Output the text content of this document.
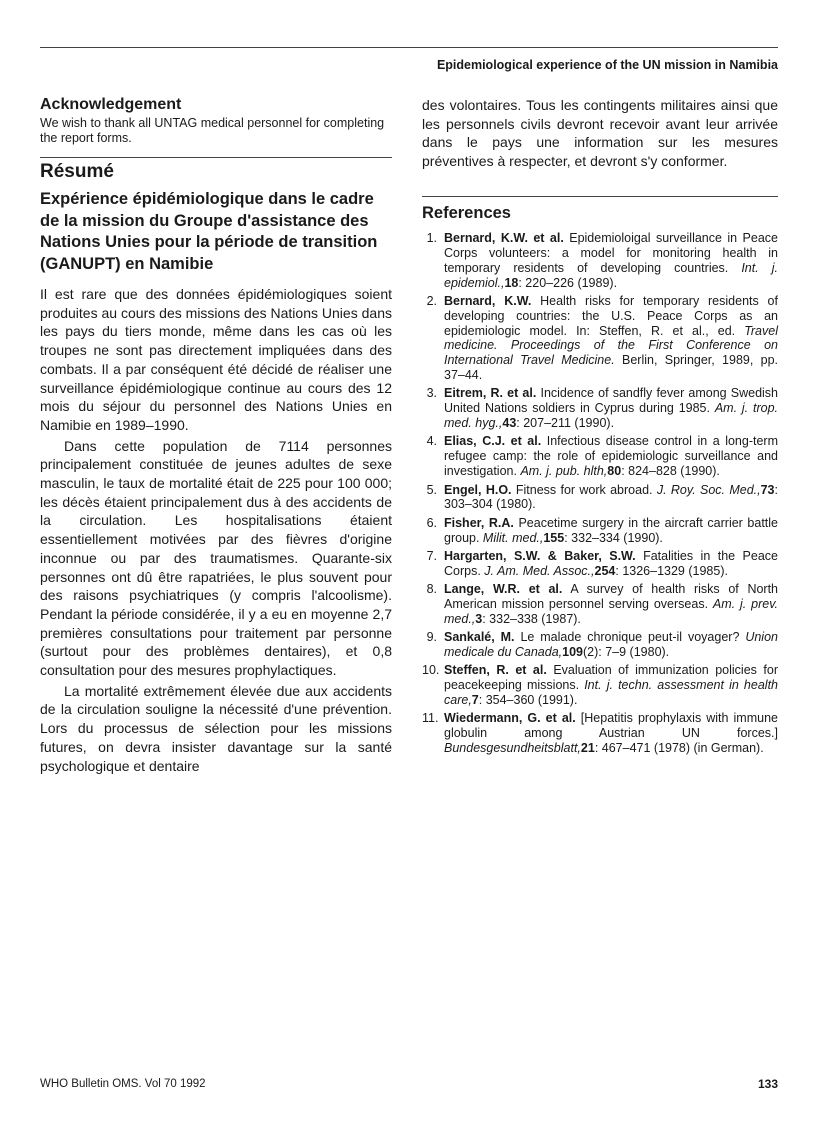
Epidemiological experience of the UN mission in Namibia
Acknowledgement

We wish to thank all UNTAG medical personnel for completing the report forms.

Résumé

Expérience épidémiologique dans le cadre de la mission du Groupe d'assistance des Nations Unies pour la période de transition (GANUPT) en Namibie

Il est rare que des données épidémiologiques soient produites au cours des missions des Nations Unies dans les pays du tiers monde, même dans les cas où les troupes ne sont pas directement impliquées dans des combats. Il a par conséquent été décidé de réaliser une surveillance épidémiologique continue au cours des 12 mois du séjour du personnel des Nations Unies en Namibie en 1989–1990.

Dans cette population de 7114 personnes principalement constituée de jeunes adultes de sexe masculin, le taux de mortalité était de 225 pour 100 000; les décès étaient principalement dus à des accidents de la circulation. Les hospitalisations étaient essentiellement motivées par des fièvres d'origine inconnue ou par des traumatismes. Quarante-six personnes ont dû être rapatriées, le plus souvent pour des raisons psychiatriques (y compris l'alcoolisme). Pendant la période considérée, il y a eu en moyenne 2,7 premières consultations pour traitement par personne (surtout pour des problèmes dentaires), et 0,8 consultation pour des mesures prophylactiques.

La mortalité extrêmement élevée due aux accidents de la circulation souligne la nécessité d'une prévention. Lors du processus de sélection pour les missions futures, on devra insister davantage sur la santé psychologique et dentaire

des volontaires. Tous les contingents militaires ainsi que les personnels civils devront recevoir avant leur arrivée dans le pays une information sur les mesures préventives à respecter, et devront s'y conformer.

References
1. Bernard, K.W. et al. Epidemioloigal surveillance in Peace Corps volunteers: a model for monitoring health in temporary residents of developing countries. Int. j. epidemiol.,18: 220–226 (1989).
2. Bernard, K.W. Health risks for temporary residents of developing countries: the U.S. Peace Corps as an epidemiologic model. In: Steffen, R. et al., ed. Travel medicine. Proceedings of the First Conference on International Travel Medicine. Berlin, Springer, 1989, pp. 37–44.
3. Eitrem, R. et al. Incidence of sandfly fever among Swedish United Nations soldiers in Cyprus during 1985. Am. j. trop. med. hyg.,43: 207–211 (1990).
4. Elias, C.J. et al. Infectious disease control in a long-term refugee camp: the role of epidemiologic surveillance and investigation. Am. j. pub. hlth,80: 824–828 (1990).
5. Engel, H.O. Fitness for work abroad. J. Roy. Soc. Med.,73: 303–304 (1980).
6. Fisher, R.A. Peacetime surgery in the aircraft carrier battle group. Milit. med.,155: 332–334 (1990).
7. Hargarten, S.W. & Baker, S.W. Fatalities in the Peace Corps. J. Am. Med. Assoc.,254: 1326–1329 (1985).
8. Lange, W.R. et al. A survey of health risks of North American mission personnel serving overseas. Am. j. prev. med.,3: 332–338 (1987).
9. Sankalé, M. Le malade chronique peut-il voyager? Union medicale du Canada,109(2): 7–9 (1980).
10. Steffen, R. et al. Evaluation of immunization policies for peacekeeping missions. Int. j. techn. assessment in health care,7: 354–360 (1991).
11. Wiedermann, G. et al. [Hepatitis prophylaxis with immune globulin among Austrian UN forces.] Bundesgesundheitsblatt,21: 467–471 (1978) (in German).
WHO Bulletin OMS. Vol 70 1992	133
